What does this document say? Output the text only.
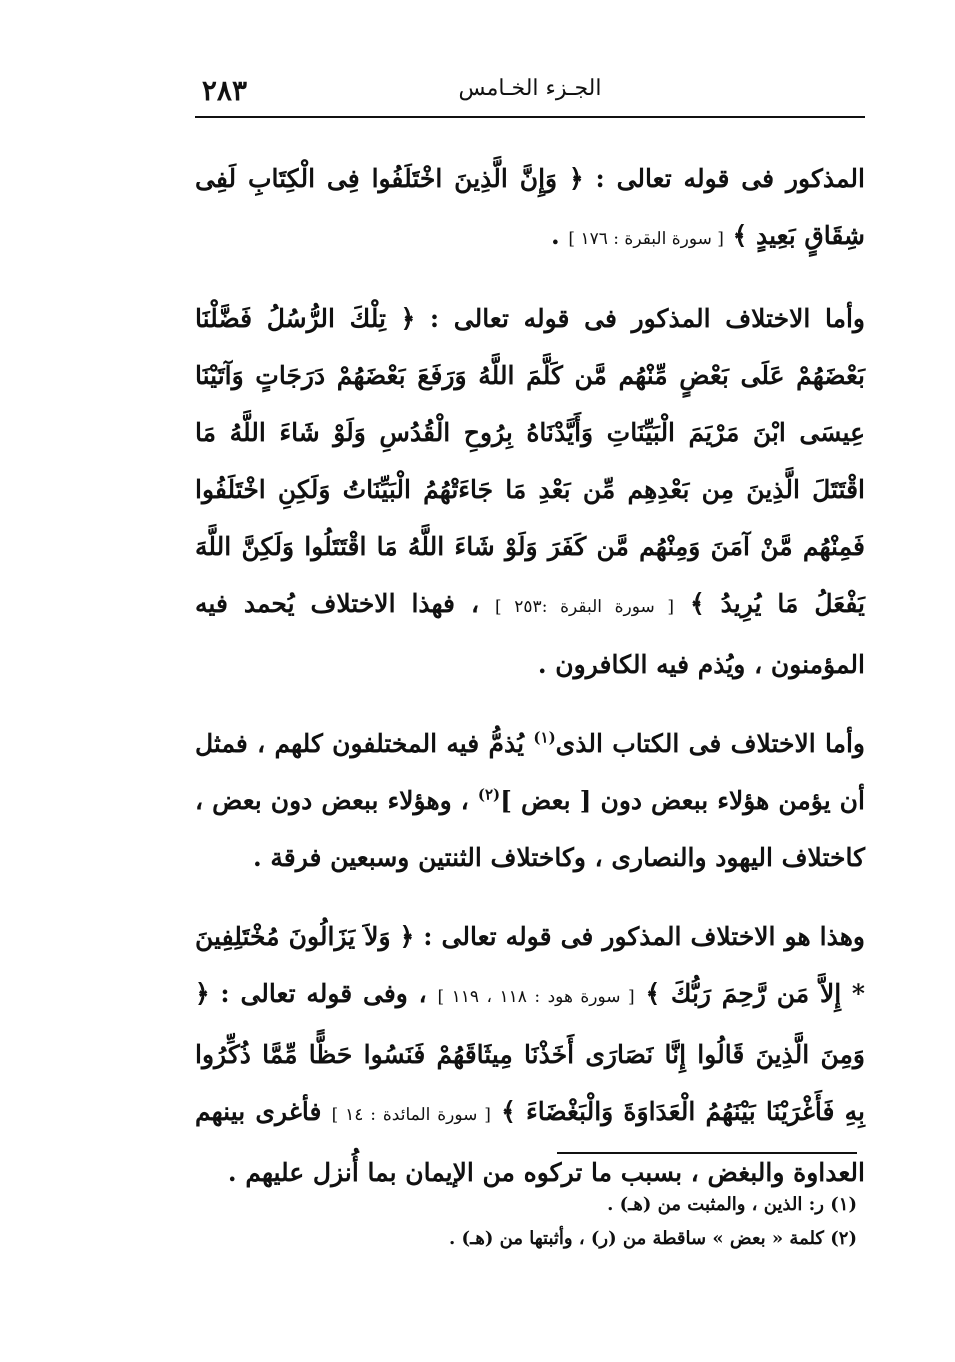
الجـزء الخـامس
٢٨٣

المذكور فى قوله تعالى : ﴿ وَإِنَّ الَّذِينَ اخْتَلَفُوا فِى الْكِتَابِ لَفِى شِقَاقٍ بَعِيدٍ ﴾ [ سورة البقرة : ١٧٦ ] .

وأما الاختلاف المذكور فى قوله تعالى : ﴿ تِلْكَ الرُّسُلُ فَضَّلْنَا بَعْضَهُمْ عَلَى بَعْضٍ مِّنْهُم مَّن كَلَّمَ اللَّهُ وَرَفَعَ بَعْضَهُمْ دَرَجَاتٍ وَآتَيْنَا عِيسَى ابْنَ مَرْيَمَ الْبَيِّنَاتِ وَأَيَّدْنَاهُ بِرُوحِ الْقُدُسِ وَلَوْ شَاءَ اللَّهُ مَا اقْتَتَلَ الَّذِينَ مِن بَعْدِهِم مِّن بَعْدِ مَا جَاءَتْهُمُ الْبَيِّنَاتُ وَلَكِنِ اخْتَلَفُوا فَمِنْهُم مَّنْ آمَنَ وَمِنْهُم مَّن كَفَرَ وَلَوْ شَاءَ اللَّهُ مَا اقْتَتَلُوا وَلَكِنَّ اللَّهَ يَفْعَلُ مَا يُرِيدُ ﴾ [ سورة البقرة :٢٥٣ ] ، فهذا الاختلاف يُحمد فيه المؤمنون ، ويُذم فيه الكافرون .

وأما الاختلاف فى الكتاب الذى$^{(١)}$ يُذمُّ فيه المختلفون كلهم ، فمثل أن يؤمن هؤلاء ببعض دون [ بعض ]$^{(٢)}$ ، وهؤلاء ببعض دون بعض ، كاختلاف اليهود والنصارى ، وكاختلاف الثنتين وسبعين فرقة .

وهذا هو الاختلاف المذكور فى قوله تعالى : ﴿ وَلاَ يَزَالُونَ مُخْتَلِفِينَ * إِلاَّ مَن رَّحِمَ رَبُّكَ ﴾ [ سورة هود : ١١٨ ، ١١٩ ] ، وفى قوله تعالى : ﴿ وَمِنَ الَّذِينَ قَالُوا إِنَّا نَصَارَى أَخَذْنَا مِيثَاقَهُمْ فَنَسُوا حَظًّا مِّمَّا ذُكِّرُوا بِهِ فَأَغْرَيْنَا بَيْنَهُمُ الْعَدَاوَةَ وَالْبَغْضَاءَ ﴾ [ سورة المائدة : ١٤ ] فأغرى بينهم العداوة والبغض ، بسبب ما تركوه من الإيمان بما أُنزل عليهم .

(١) ر: الذين ، والمثبت من (هـ) .

(٢) كلمة « بعض » ساقطة من (ر) ، وأثبتها من (هـ) .
